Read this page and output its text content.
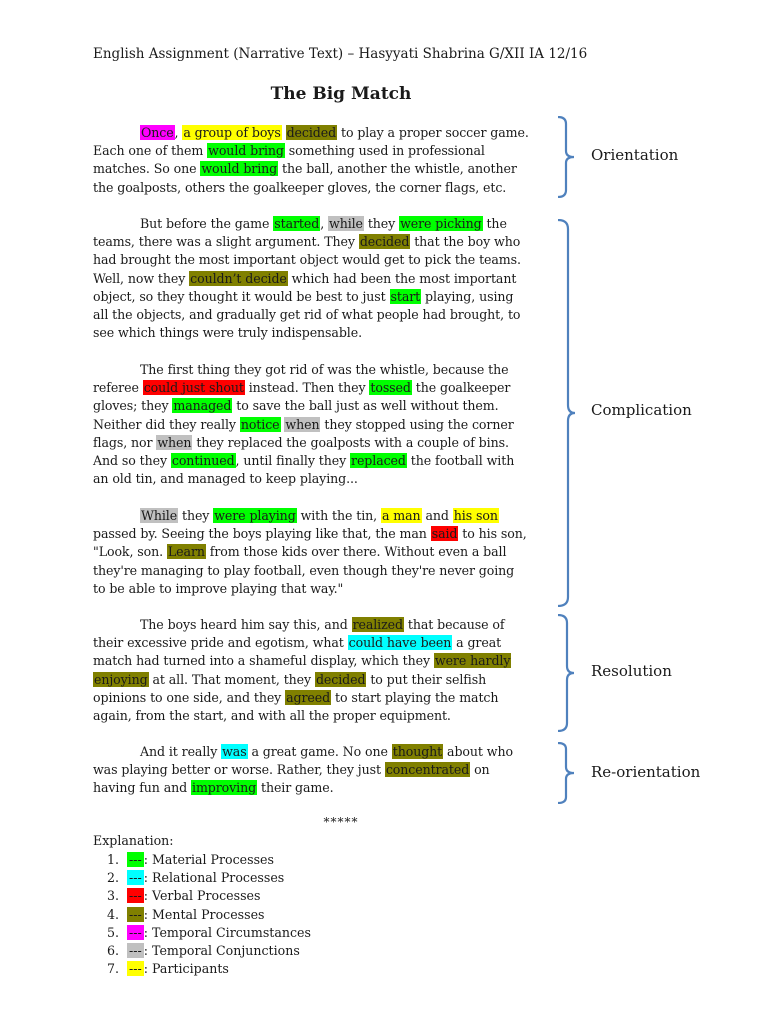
English Assignment (Narrative Text) – Hasyyati Shabrina G/XII IA 12/16
The Big Match
Once, a group of boys decided to play a proper soccer game.
Each one of them would bring something used in professional
matches. So one would bring the ball, another the whistle, another
the goalposts, others the goalkeeper gloves, the corner flags, etc.
But before the game started, while they were picking the
teams, there was a slight argument. They decided that the boy who
had brought the most important object would get to pick the teams.
Well, now they couldn’t decide which had been the most important
object, so they thought it would be best to just start playing, using
all the objects, and gradually get rid of what people had brought, to
see which things were truly indispensable.
The first thing they got rid of was the whistle, because the
referee could just shout instead. Then they tossed the goalkeeper
gloves; they managed to save the ball just as well without them.
Neither did they really notice when they stopped using the corner
flags, nor when they replaced the goalposts with a couple of bins.
And so they continued, until finally they replaced the football with
an old tin, and managed to keep playing...
While they were playing with the tin, a man and his son
passed by. Seeing the boys playing like that, the man said to his son,
"Look, son. Learn from those kids over there. Without even a ball
they're managing to play football, even though they're never going
to be able to improve playing that way."
The boys heard him say this, and realized that because of
their excessive pride and egotism, what could have been a great
match had turned into a shameful display, which they were hardly
enjoying at all. That moment, they decided to put their selfish
opinions to one side, and they agreed to start playing the match
again, from the start, and with all the proper equipment.
And it really was a great game. No one thought about who
was playing better or worse. Rather, they just concentrated on
having fun and improving their game.
Orientation
Complication
Resolution
Re-orientation
*****
Explanation:
1. --- : Material Processes
2. --- : Relational Processes
3. --- : Verbal Processes
4. --- : Mental Processes
5. --- : Temporal Circumstances
6. --- : Temporal Conjunctions
7. --- : Participants
